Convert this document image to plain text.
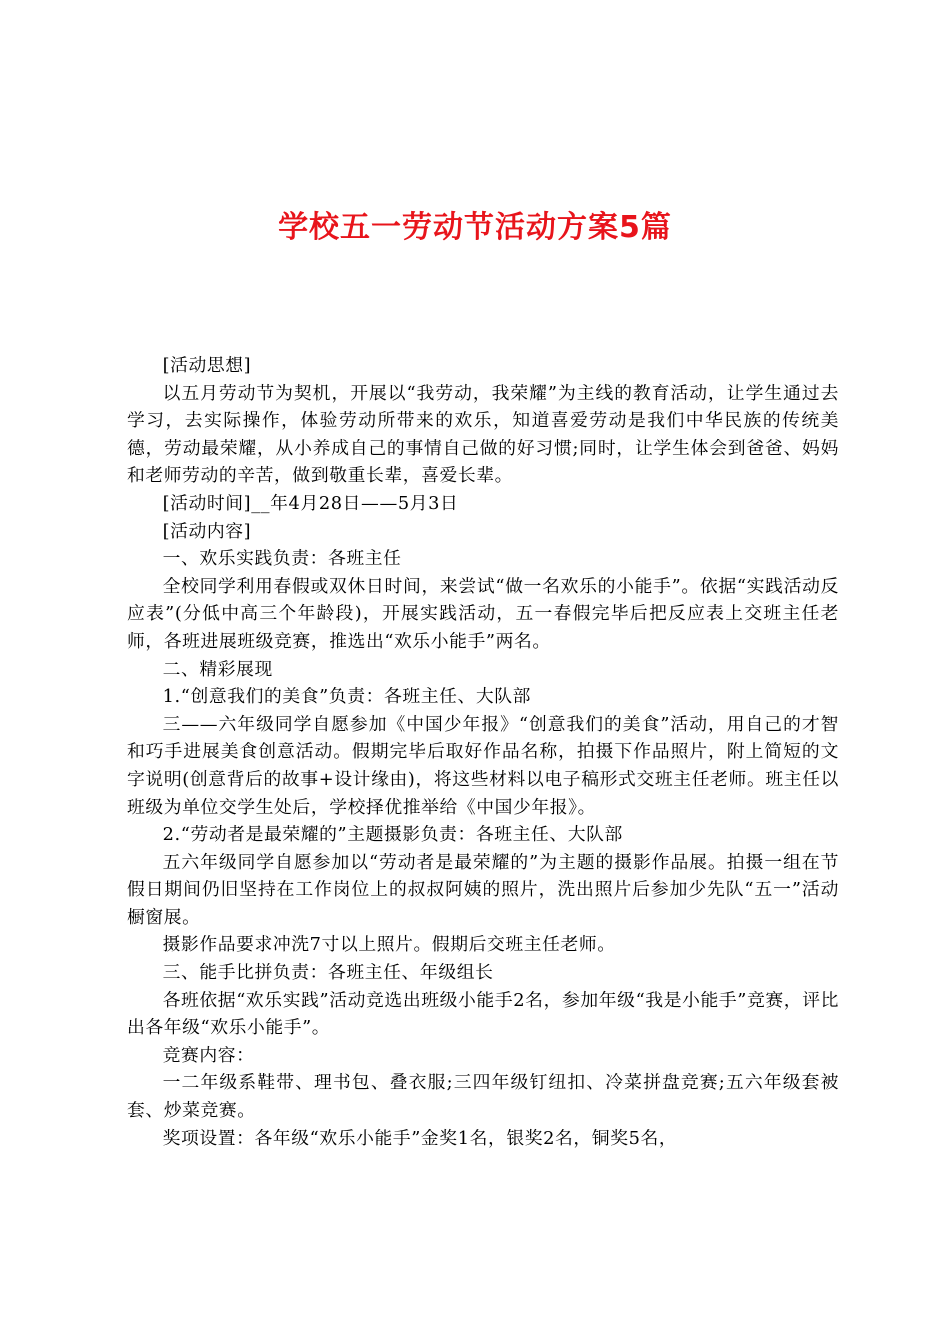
学校五一劳动节活动方案5篇

[活动思想]

以五月劳动节为契机，开展以“我劳动，我荣耀”为主线的教育活动，让学生通过去学习，去实际操作，体验劳动所带来的欢乐，知道喜爱劳动是我们中华民族的传统美德，劳动最荣耀，从小养成自己的事情自己做的好习惯;同时，让学生体会到爸爸、妈妈和老师劳动的辛苦，做到敬重长辈，喜爱长辈。

[活动时间]__年4月28日——5月3日

[活动内容]

一、欢乐实践负责：各班主任

全校同学利用春假或双休日时间，来尝试“做一名欢乐的小能手”。依据“实践活动反应表”(分低中高三个年龄段)，开展实践活动，五一春假完毕后把反应表上交班主任老师，各班进展班级竞赛，推选出“欢乐小能手”两名。

二、精彩展现

1.“创意我们的美食”负责：各班主任、大队部

三——六年级同学自愿参加《中国少年报》“创意我们的美食”活动，用自己的才智和巧手进展美食创意活动。假期完毕后取好作品名称，拍摄下作品照片，附上简短的文字说明(创意背后的故事+设计缘由)，将这些材料以电子稿形式交班主任老师。班主任以班级为单位交学生处后，学校择优推举给《中国少年报》。

2.“劳动者是最荣耀的”主题摄影负责：各班主任、大队部

五六年级同学自愿参加以“劳动者是最荣耀的”为主题的摄影作品展。拍摄一组在节假日期间仍旧坚持在工作岗位上的叔叔阿姨的照片，洗出照片后参加少先队“五一”活动橱窗展。

摄影作品要求冲洗7寸以上照片。假期后交班主任老师。

三、能手比拼负责：各班主任、年级组长

各班依据“欢乐实践”活动竞选出班级小能手2名，参加年级“我是小能手”竞赛，评比出各年级“欢乐小能手”。

竞赛内容：

一二年级系鞋带、理书包、叠衣服;三四年级钉纽扣、冷菜拼盘竞赛;五六年级套被套、炒菜竞赛。

奖项设置：各年级“欢乐小能手”金奖1名，银奖2名，铜奖5名，
